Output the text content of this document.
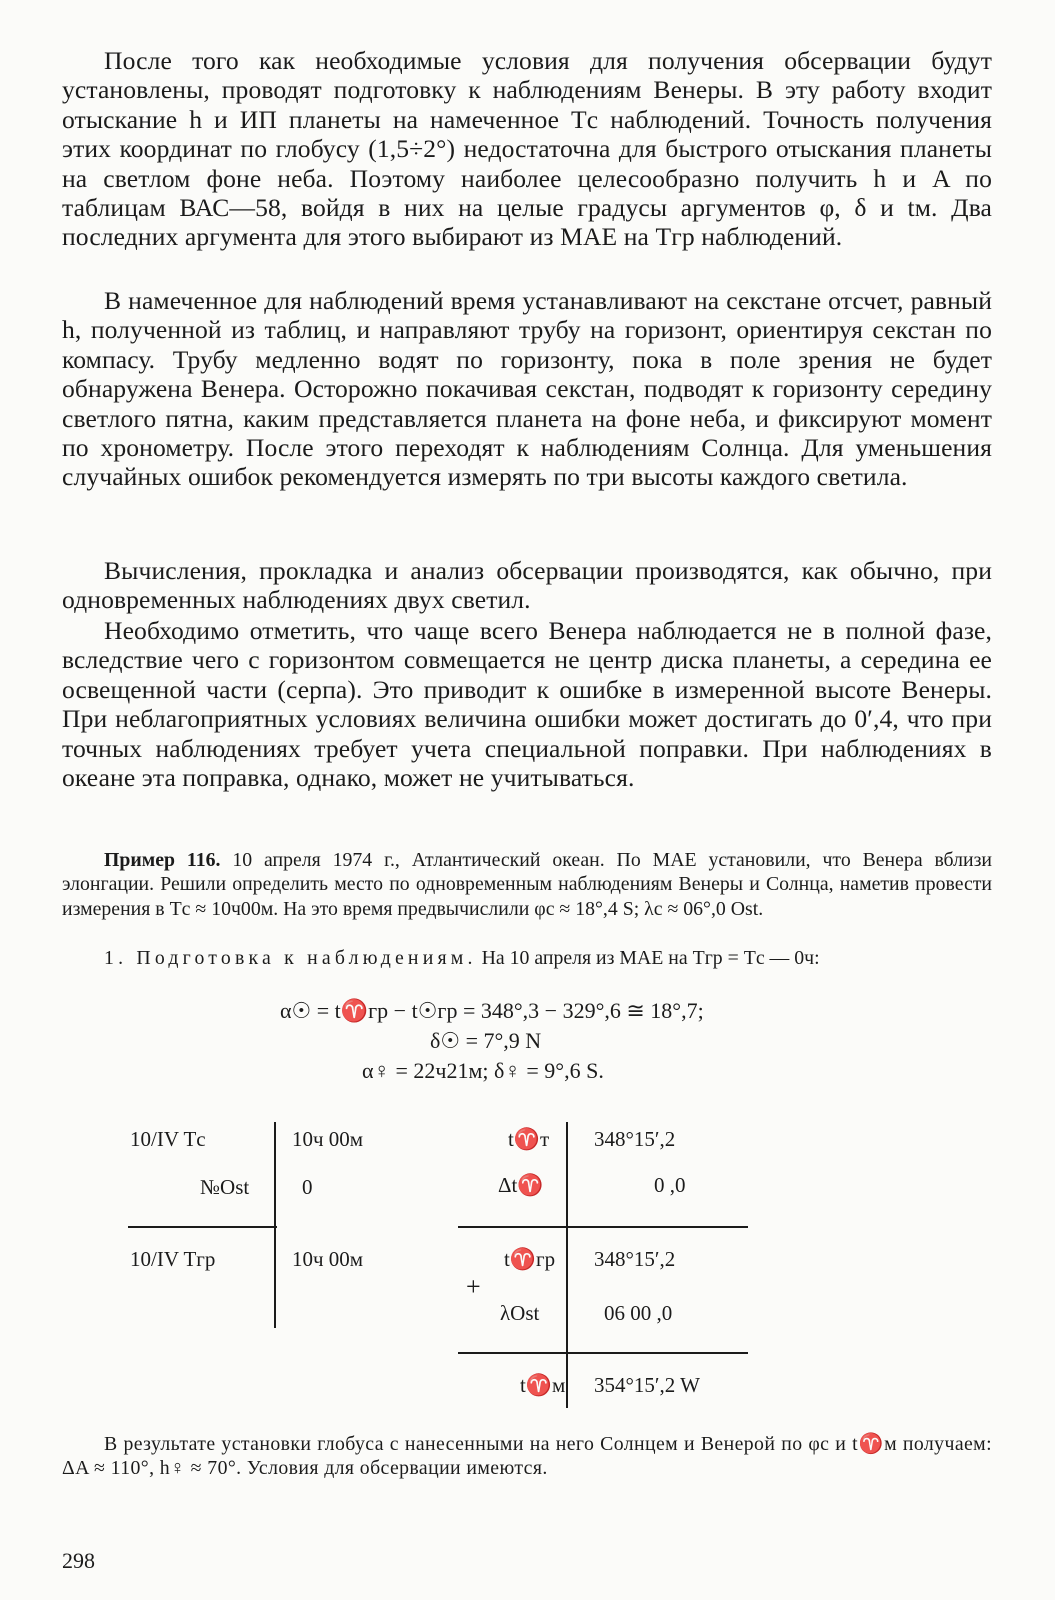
После того как необходимые условия для получения обсервации будут установлены, проводят подготовку к наблюдениям Венеры. В эту работу входит отыскание h и ИП планеты на намеченное Tс наблюдений. Точность получения этих координат по глобусу (1,5÷2°) недостаточна для быстрого отыскания планеты на светлом фоне неба. Поэтому наиболее целесообразно получить h и A по таблицам ВАС—58, войдя в них на целые градусы аргументов φ, δ и tм. Два последних аргумента для этого выбирают из МАЕ на Tгр наблюдений.

В намеченное для наблюдений время устанавливают на секстане отсчет, равный h, полученной из таблиц, и направляют трубу на горизонт, ориентируя секстан по компасу. Трубу медленно водят по горизонту, пока в поле зрения не будет обнаружена Венера. Осторожно покачивая секстан, подводят к горизонту середину светлого пятна, каким представляется планета на фоне неба, и фиксируют момент по хронометру. После этого переходят к наблюдениям Солнца. Для уменьшения случайных ошибок рекомендуется измерять по три высоты каждого светила.

Вычисления, прокладка и анализ обсервации производятся, как обычно, при одновременных наблюдениях двух светил.

Необходимо отметить, что чаще всего Венера наблюдается не в полной фазе, вследствие чего с горизонтом совмещается не центр диска планеты, а середина ее освещенной части (серпа). Это приводит к ошибке в измеренной высоте Венеры. При неблагоприятных условиях величина ошибки может достигать до 0′,4, что при точных наблюдениях требует учета специальной поправки. При наблюдениях в океане эта поправка, однако, может не учитываться.

Пример 116. 10 апреля 1974 г., Атлантический океан. По МАЕ установили, что Венера вблизи элонгации. Решили определить место по одновременным наблюдениям Венеры и Солнца, наметив провести измерения в Tс ≈ 10ч00м. На это время предвычислили φс ≈ 18°,4 S; λс ≈ 06°,0 Ost.

1. Подготовка к наблюдениям. На 10 апреля из МАЕ на Tгр = Tс — 0ч:

α☉ = t♈гр − t☉гр = 348°,3 − 329°,6 ≅ 18°,7;
δ☉ = 7°,9 N
α♀ = 22ч21м; δ♀ = 9°,6 S.
10/IV Tс	10ч 00м
№Ost	0
10/IV Tгр	10ч 00м
t♈т 348°15′,2
Δt♈	0 ,0
t♈гр 348°15′,2
+
λOst	06 00 ,0
t♈м 354°15′,2 W

В результате установки глобуса с нанесенными на него Солнцем и Венерой по φс и t♈м получаем: ΔA ≈ 110°, h♀ ≈ 70°. Условия для обсервации имеются.

298
